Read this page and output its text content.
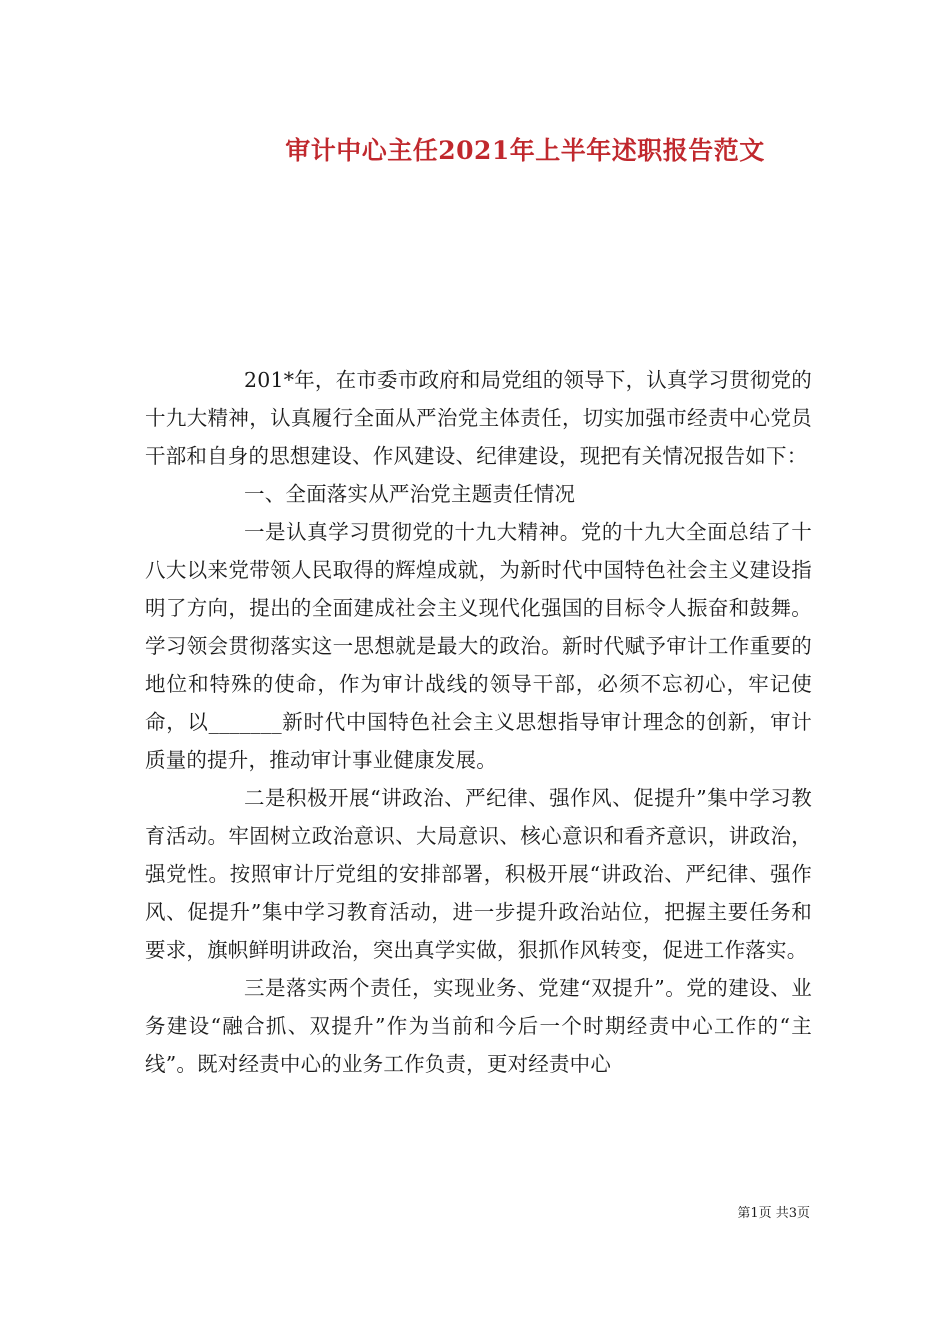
审计中心主任2021年上半年述职报告范文

201*年，在市委市政府和局党组的领导下，认真学习贯彻党的十九大精神，认真履行全面从严治党主体责任，切实加强市经责中心党员干部和自身的思想建设、作风建设、纪律建设，现把有关情况报告如下：

一、全面落实从严治党主题责任情况

一是认真学习贯彻党的十九大精神。党的十九大全面总结了十八大以来党带领人民取得的辉煌成就，为新时代中国特色社会主义建设指明了方向，提出的全面建成社会主义现代化强国的目标令人振奋和鼓舞。学习领会贯彻落实这一思想就是最大的政治。新时代赋予审计工作重要的地位和特殊的使命，作为审计战线的领导干部，必须不忘初心，牢记使命，以_______新时代中国特色社会主义思想指导审计理念的创新，审计质量的提升，推动审计事业健康发展。

二是积极开展“讲政治、严纪律、强作风、促提升”集中学习教育活动。牢固树立政治意识、大局意识、核心意识和看齐意识，讲政治，强党性。按照审计厅党组的安排部署，积极开展“讲政治、严纪律、强作风、促提升”集中学习教育活动，进一步提升政治站位，把握主要任务和要求，旗帜鲜明讲政治，突出真学实做，狠抓作风转变，促进工作落实。

三是落实两个责任，实现业务、党建“双提升”。党的建设、业务建设“融合抓、双提升”作为当前和今后一个时期经责中心工作的“主线”。既对经责中心的业务工作负责，更对经责中心

第1页 共3页
